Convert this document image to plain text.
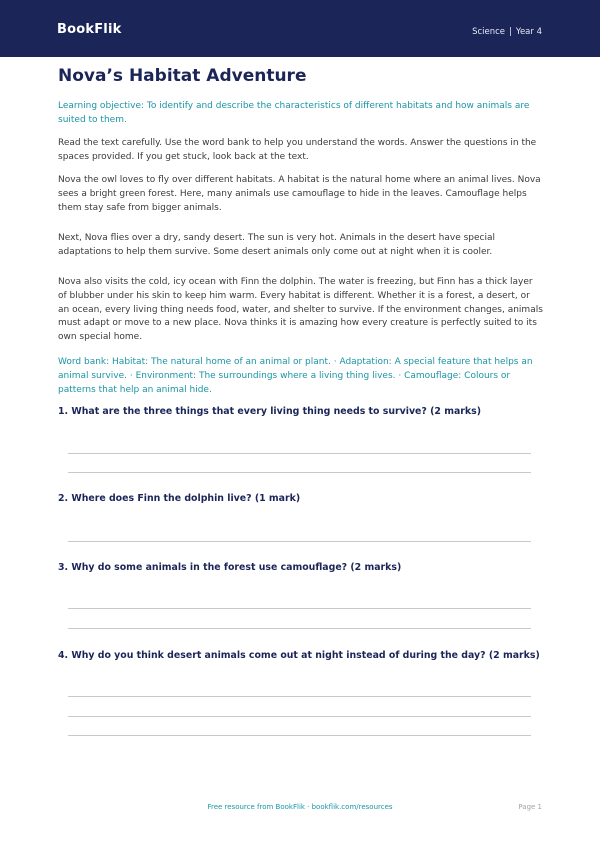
BookFlik	Science | Year 4
Nova’s Habitat Adventure

Learning objective: To identify and describe the characteristics of different habitats and how animals are suited to them.

Read the text carefully. Use the word bank to help you understand the words. Answer the questions in the spaces provided. If you get stuck, look back at the text.

Nova the owl loves to fly over different habitats. A habitat is the natural home where an animal lives. Nova sees a bright green forest. Here, many animals use camouflage to hide in the leaves. Camouflage helps them stay safe from bigger animals.

Next, Nova flies over a dry, sandy desert. The sun is very hot. Animals in the desert have special adaptations to help them survive. Some desert animals only come out at night when it is cooler.

Nova also visits the cold, icy ocean with Finn the dolphin. The water is freezing, but Finn has a thick layer of blubber under his skin to keep him warm. Every habitat is different. Whether it is a forest, a desert, or an ocean, every living thing needs food, water, and shelter to survive. If the environment changes, animals must adapt or move to a new place. Nova thinks it is amazing how every creature is perfectly suited to its own special home.

Word bank: Habitat: The natural home of an animal or plant. · Adaptation: A special feature that helps an animal survive. · Environment: The surroundings where a living thing lives. · Camouflage: Colours or patterns that help an animal hide.

1. What are the three things that every living thing needs to survive? (2 marks)
2. Where does Finn the dolphin live? (1 mark)
3. Why do some animals in the forest use camouflage? (2 marks)
4. Why do you think desert animals come out at night instead of during the day? (2 marks)
Free resource from BookFlik · bookflik.com/resources	Page 1
